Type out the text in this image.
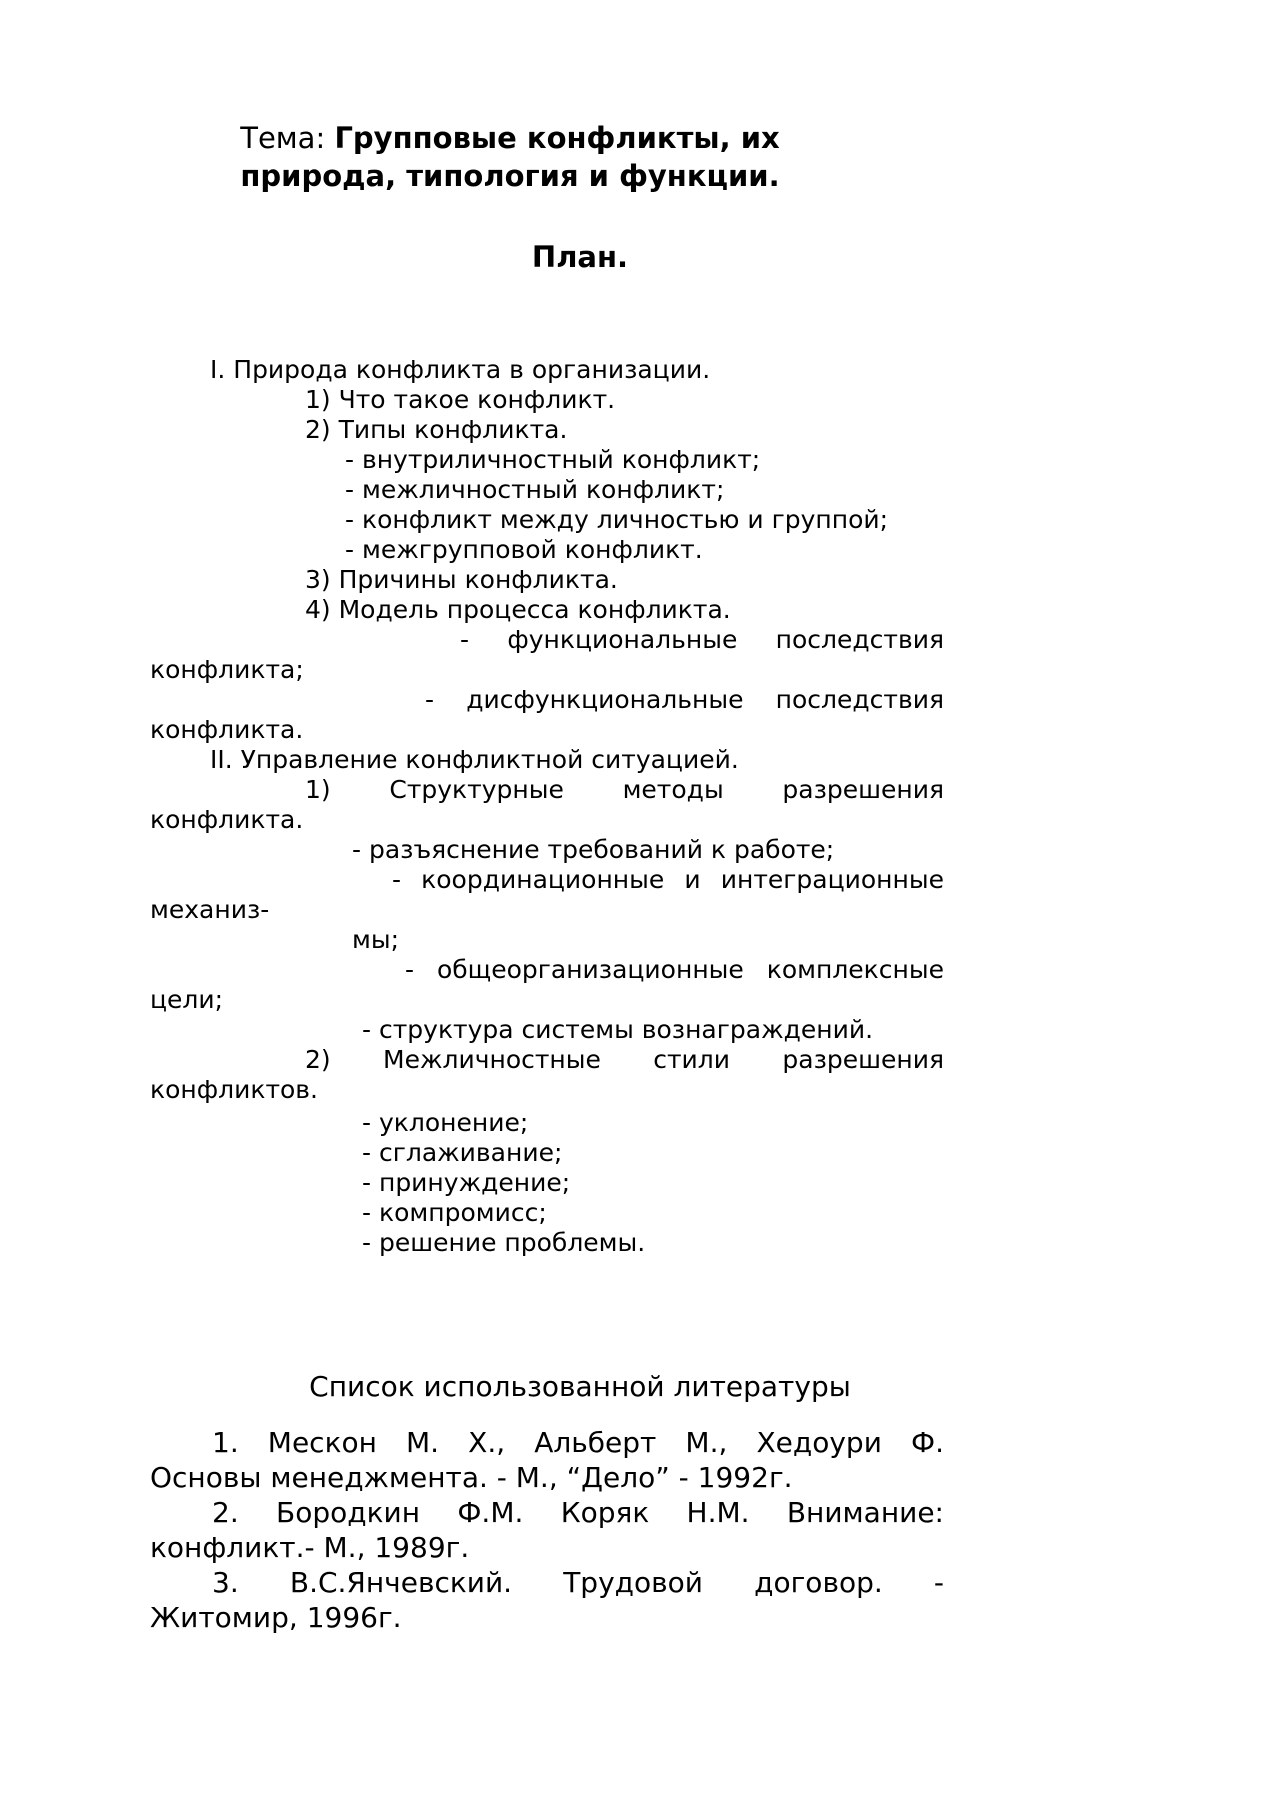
Тема: Групповые конфликты, их
природа, типология и функции.
План.
I. Природа конфликта в организации.
1) Что такое конфликт.
2) Типы конфликта.
- внутриличностный конфликт;
- межличностный конфликт;
- конфликт между личностью и группой;
- межгрупповой конфликт.
3) Причины конфликта.
4) Модель процесса конфликта.
- функциональные последствия
конфликта;
- дисфункциональные последствия
конфликта.
II. Управление конфликтной ситуацией.
1) Структурные методы разрешения
конфликта.
- разъяснение требований к работе;
- координационные и интеграционные
механиз-
мы;
- общеорганизационные комплексные
цели;
- структура системы вознаграждений.
2) Межличностные стили разрешения
конфликтов.
- уклонение;
- сглаживание;
- принуждение;
- компромисс;
- решение проблемы.
Список использованной литературы
1. Мескон М. Х., Альберт М., Хедоури Ф.
Основы менеджмента. - М., “Дело” - 1992г.
2. Бородкин Ф.М. Коряк Н.М. Внимание:
конфликт.- М., 1989г.
3. В.С.Янчевский. Трудовой договор. -
Житомир, 1996г.
